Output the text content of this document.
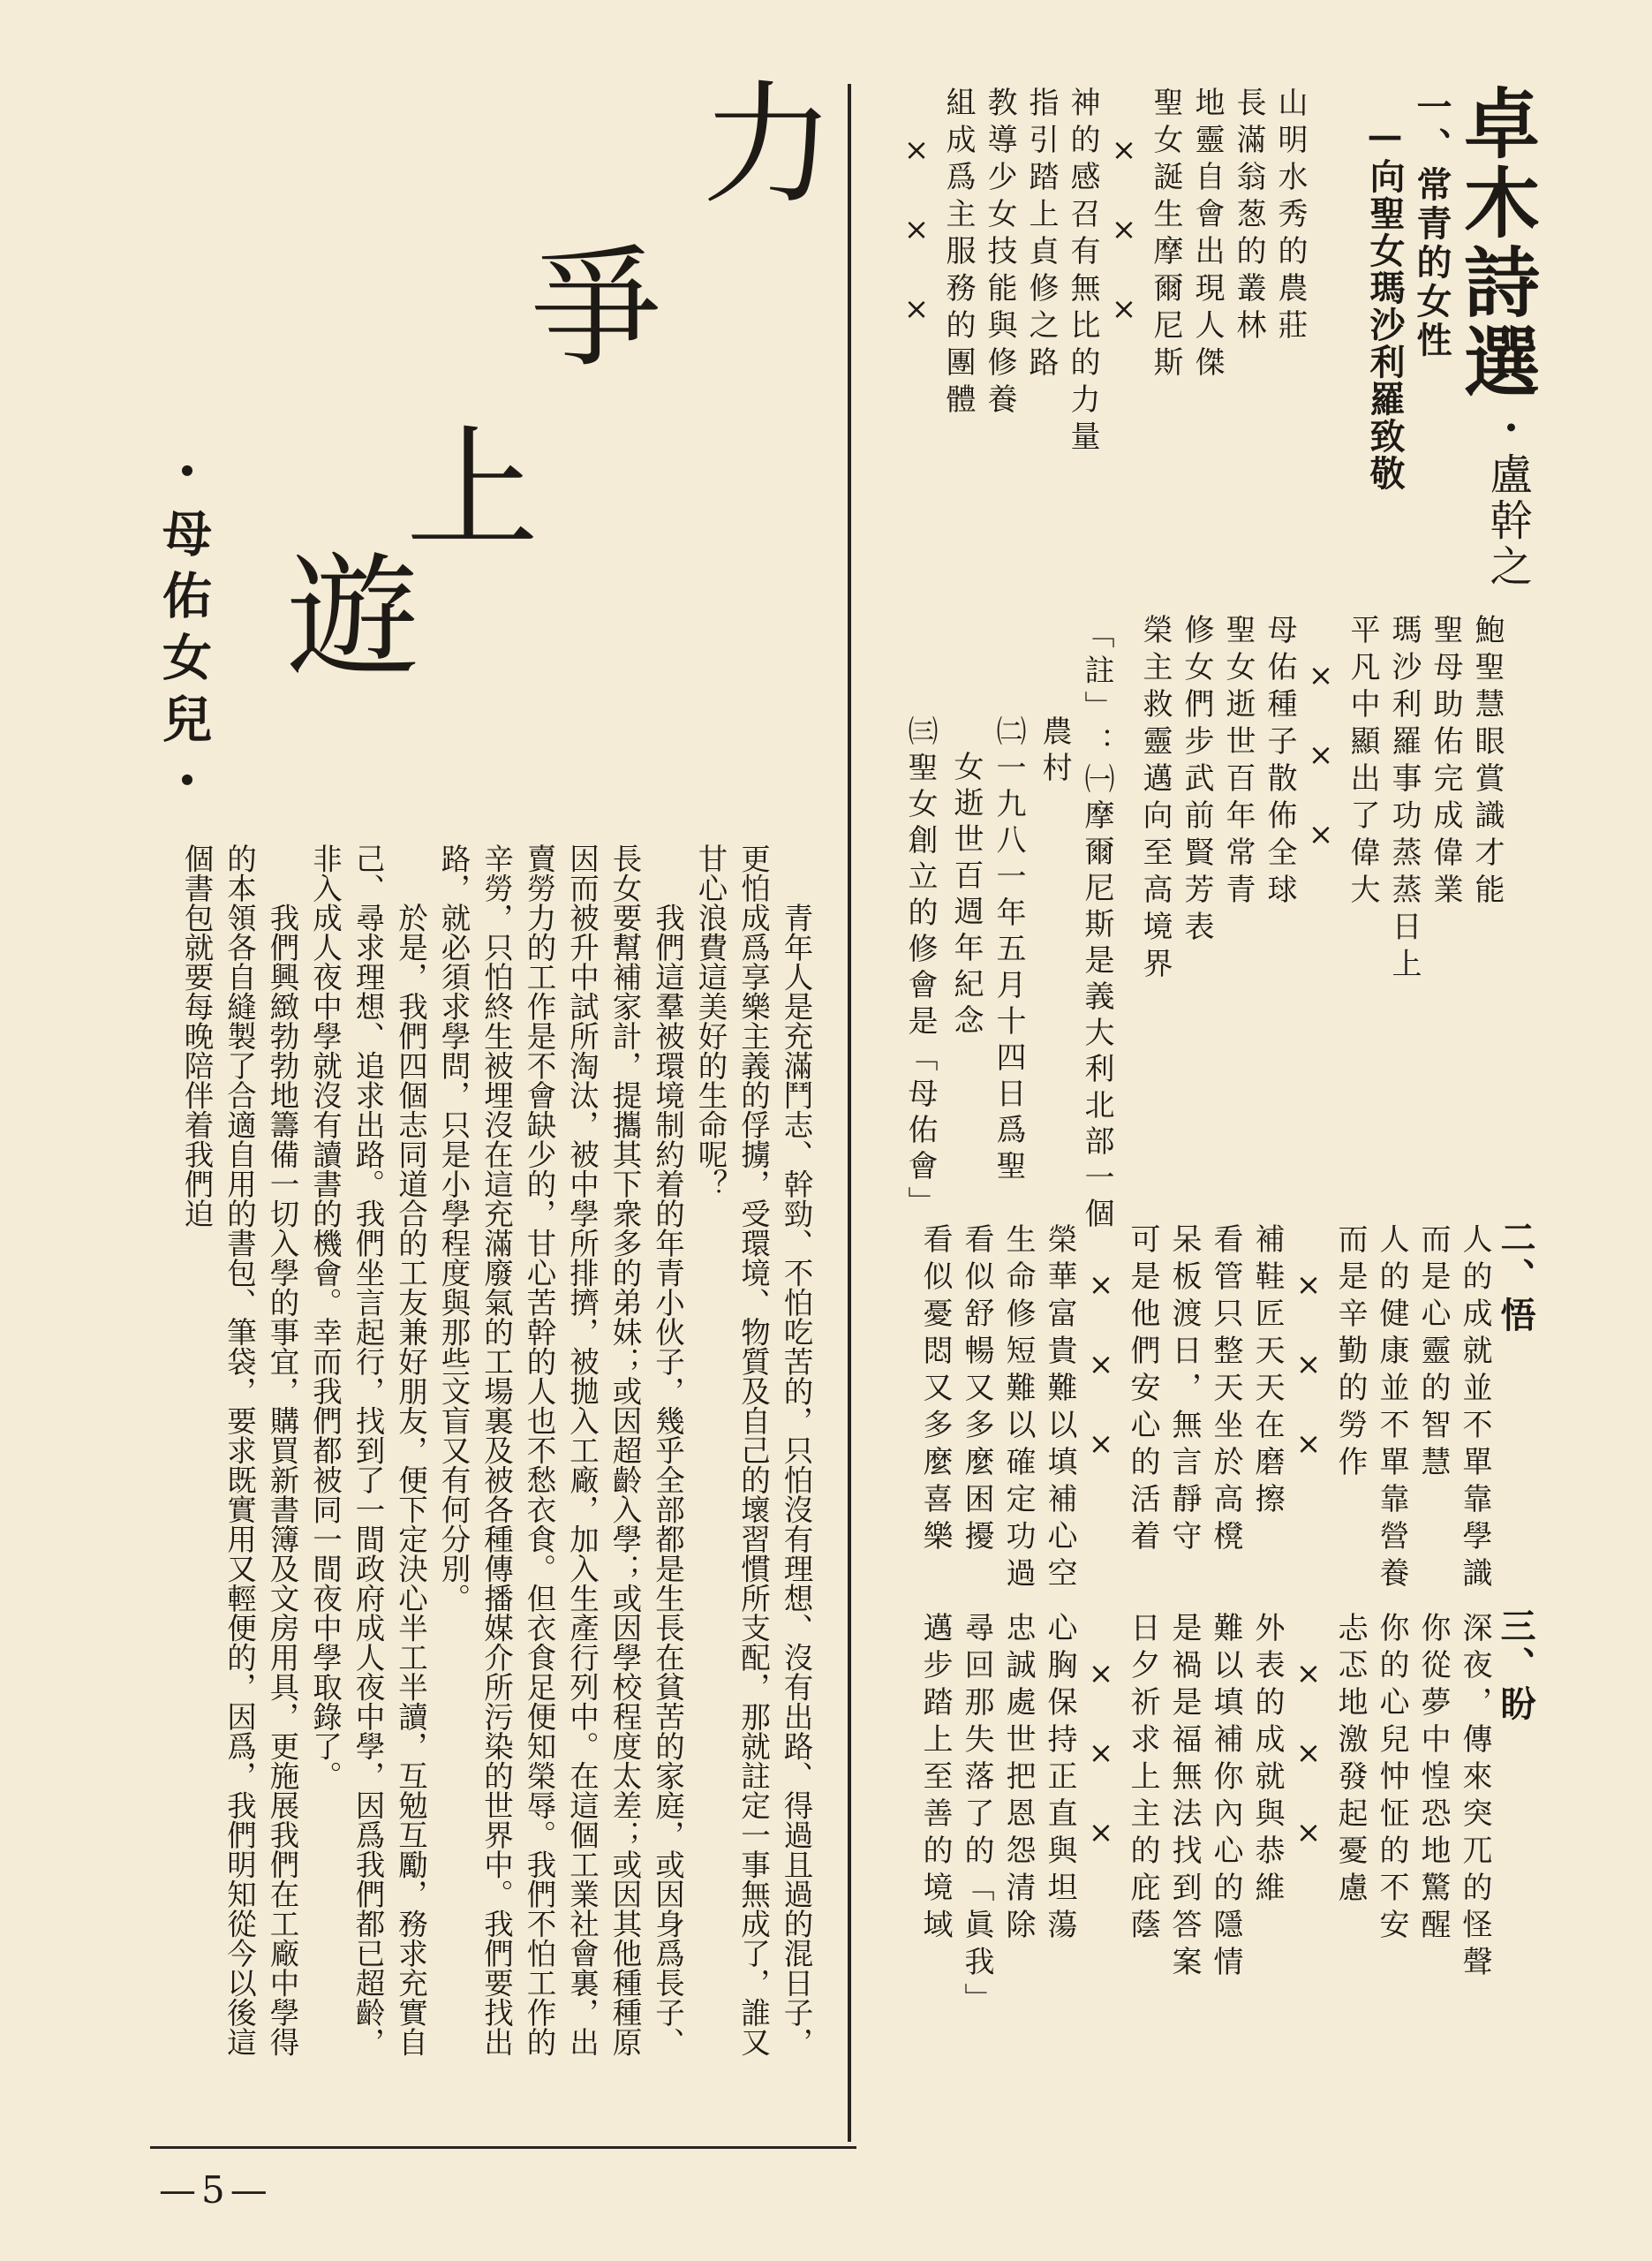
卓木詩選
・盧幹之
一、常青的女性
—向聖女瑪沙利羅致敬
山明水秀的農莊
長滿翁葱的叢林
地靈自會出現人傑
聖女誕生摩爾尼斯
×　×　×
神的感召有無比的力量
指引踏上貞修之路
教導少女技能與修養
組成爲主服務的團體
×　×　×
鮑聖慧眼賞識才能
聖母助佑完成偉業
瑪沙利羅事功蒸蒸日上
平凡中顯出了偉大
×　×　×
母佑種子散佈全球
聖女逝世百年常青
修女們步武前賢芳表
榮主救靈邁向至高境界
「註」：㈠摩爾尼斯是義大利北部一個
農村
㈡一九八一年五月十四日爲聖
女逝世百週年紀念
㈢聖女創立的修會是「母佑會」
二、悟
人的成就並不單靠學識
而是心靈的智慧
人的健康並不單靠營養
而是辛勤的勞作
×　×　×
補鞋匠天天在磨擦
看管只整天坐於高櫈
呆板渡日，無言靜守
可是他們安心的活着
×　×　×
榮華富貴難以填補心空
生命修短難以確定功過
看似舒暢又多麼困擾
看似憂悶又多麼喜樂
三、盼
深夜，傳來突兀的怪聲
你從夢中惶恐地驚醒
你的心兒忡怔的不安
忐忑地激發起憂慮
×　×　×
外表的成就與恭維
難以填補你內心的隱情
是禍是福無法找到答案
日夕祈求上主的庇蔭
×　×　×
心胸保持正直與坦蕩
忠誠處世把恩怨清除
尋回那失落了的「眞我」
邁步踏上至善的境域
力
爭
上
遊
・母佑女兒・

青年人是充滿鬥志、幹勁、不怕吃苦的，只怕沒有理想、沒有出路、得過且過的混日子，更怕成爲享樂主義的俘擄，受環境、物質及自己的壞習慣所支配，那就註定一事無成了，誰又甘心浪費這美好的生命呢？

我們這羣被環境制約着的年青小伙子，幾乎全部都是生長在貧苦的家庭，或因身爲長子、長女要幫補家計，提攜其下衆多的弟妹；或因超齡入學；或因學校程度太差；或因其他種種原因而被升中試所淘汰，被中學所排擠，被拋入工廠，加入生產行列中。在這個工業社會裏，出賣勞力的工作是不會缺少的，甘心苦幹的人也不愁衣食。但衣食足便知榮辱。我們不怕工作的辛勞，只怕終生被埋沒在這充滿廢氣的工場裏及被各種傳播媒介所污染的世界中。我們要找出路，就必須求學問，只是小學程度與那些文盲又有何分別。

於是，我們四個志同道合的工友兼好朋友，便下定決心半工半讀，互勉互勵，務求充實自己、尋求理想、追求出路。我們坐言起行，找到了一間政府成人夜中學，因爲我們都已超齡，非入成人夜中學就沒有讀書的機會。幸而我們都被同一間夜中學取錄了。

我們興緻勃勃地籌備一切入學的事宜，購買新書簿及文房用具，更施展我們在工廠中學得的本領各自縫製了合適自用的書包、筆袋，要求既實用又輕便的，因爲，我們明知從今以後這個書包就要每晚陪伴着我們迫

—5—
